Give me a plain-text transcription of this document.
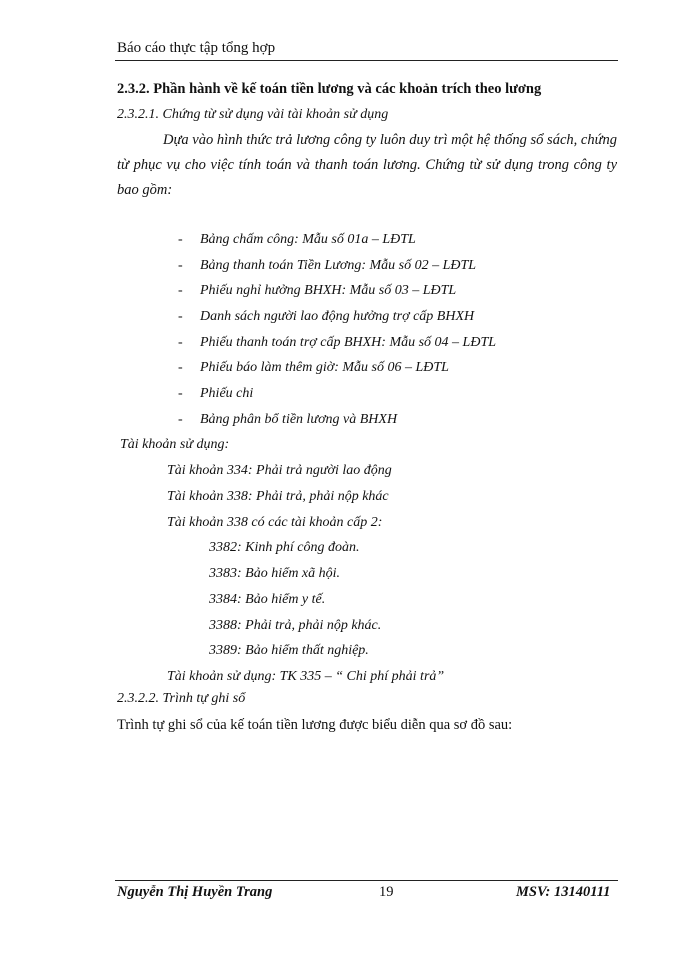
Báo cáo thực tập tổng hợp
2.3.2. Phần hành về kế toán tiền lương và các khoản trích theo lương
2.3.2.1. Chứng từ sử dụng vài tài khoản sử dụng
Dựa vào hình thức trả lương công ty luôn duy trì một hệ thống sổ sách, chứng từ phục vụ cho việc tính toán và thanh toán lương. Chứng từ sử dụng trong công ty bao gồm:
- Bảng chấm công: Mẫu số 01a – LĐTL
- Bảng thanh toán Tiền Lương: Mẫu số 02 – LĐTL
- Phiếu nghỉ hưởng BHXH: Mẫu số 03 – LĐTL
- Danh sách người lao động hưởng trợ cấp BHXH
- Phiếu thanh toán trợ cấp BHXH: Mẫu số 04 – LĐTL
- Phiếu báo làm thêm giờ: Mẫu số 06 – LĐTL
- Phiếu chi
- Bảng phân bổ tiền lương và BHXH
Tài khoản sử dụng:
Tài khoản 334: Phải trả người lao động
Tài khoản 338: Phải trả, phải nộp khác
Tài khoản 338 có các tài khoản cấp 2:
3382: Kinh phí công đoàn.
3383: Bảo hiểm xã hội.
3384: Bảo hiểm y tế.
3388: Phải trả, phải nộp khác.
3389: Bảo hiểm thất nghiệp.
Tài khoản sử dụng: TK 335 – “ Chi phí phải trả”
2.3.2.2. Trình tự ghi sổ
Trình tự ghi sổ của kế toán tiền lương được biểu diễn qua sơ đồ sau:
Nguyễn Thị Huyền Trang	19	MSV: 13140111
